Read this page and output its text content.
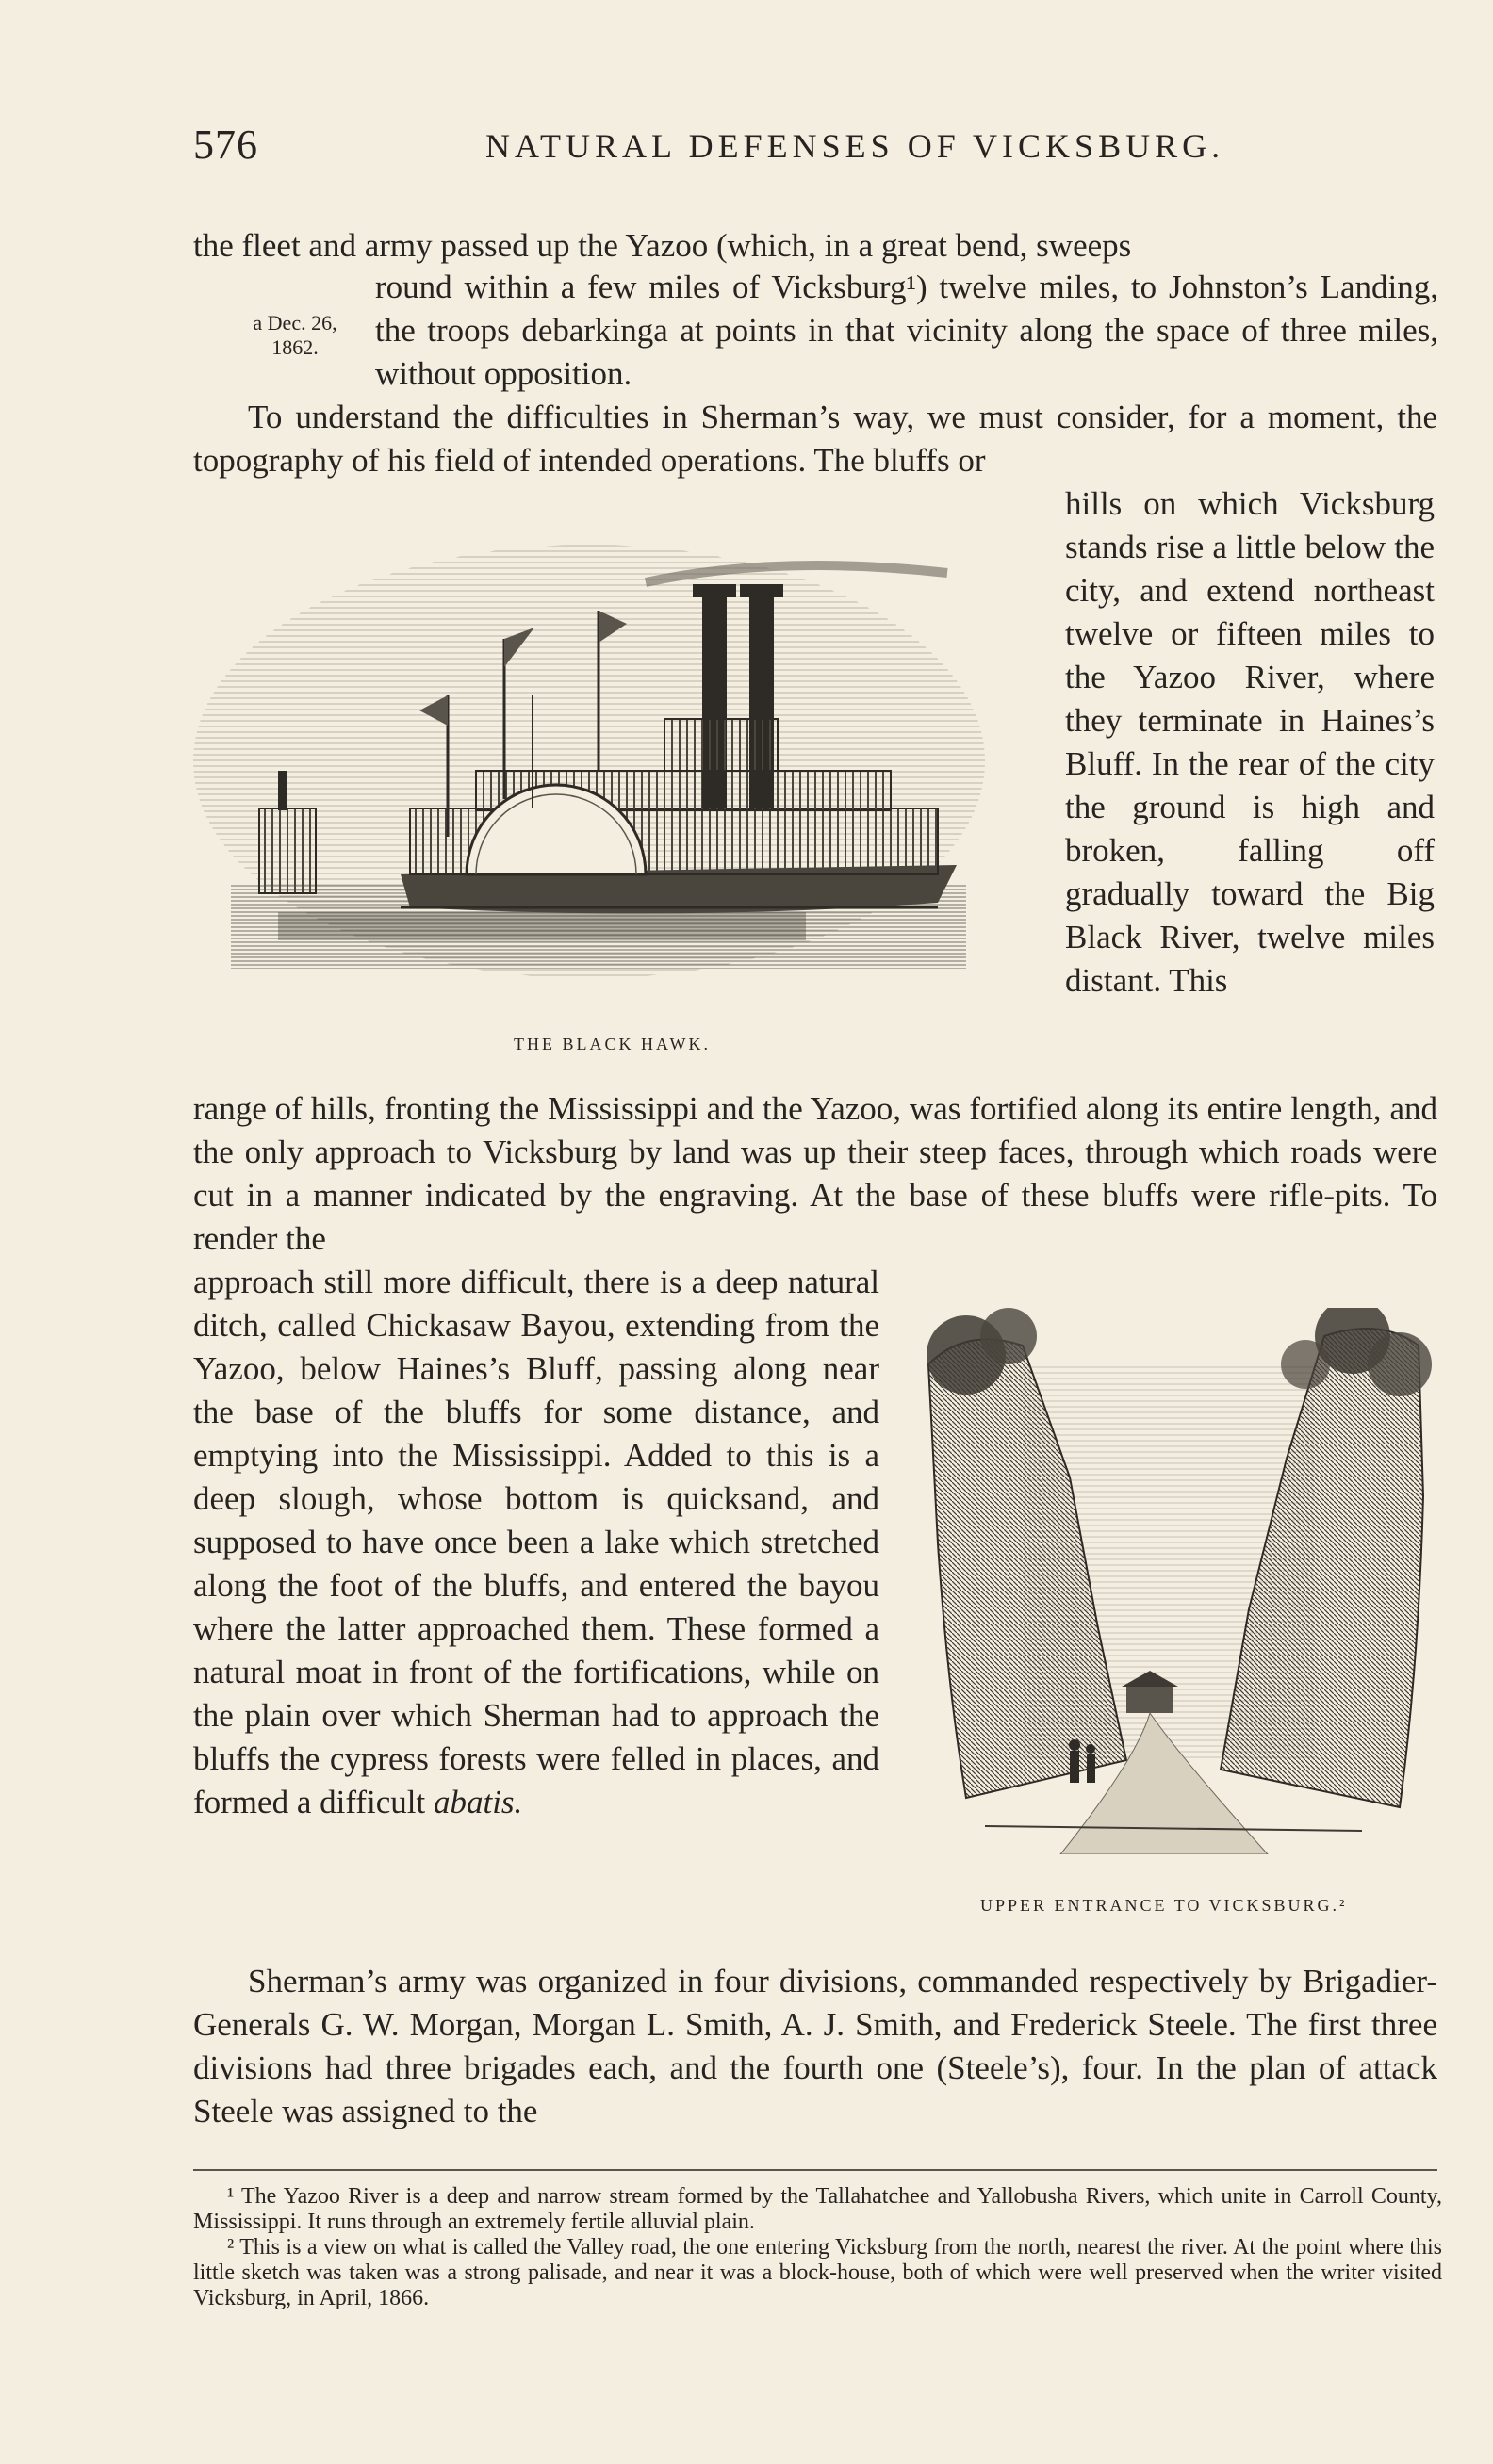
576	NATURAL DEFENSES OF VICKSBURG.

the fleet and army passed up the Yazoo (which, in a great bend, sweeps

round within a few miles of Vicksburg¹) twelve miles, to Johnston’s Landing, the troops debarkinga at points in that vicinity along the space of three miles, without opposition.

a Dec. 26,
1862.

To understand the difficulties in Sherman’s way, we must consider, for a moment, the topography of his field of intended operations. The bluffs or

hills on which Vicksburg stands rise a little below the city, and extend northeast twelve or fifteen miles to the Yazoo River, where they terminate in Haines’s Bluff. In the rear of the city the ground is high and broken, falling off gradually toward the Big Black River, twelve miles distant. This

THE BLACK HAWK.

range of hills, fronting the Mississippi and the Yazoo, was fortified along its entire length, and the only approach to Vicksburg by land was up their steep faces, through which roads were cut in a manner indicated by the engraving. At the base of these bluffs were rifle-pits. To render the

approach still more difficult, there is a deep natural ditch, called Chickasaw Bayou, extending from the Yazoo, below Haines’s Bluff, passing along near the base of the bluffs for some distance, and emptying into the Mississippi. Added to this is a deep slough, whose bottom is quicksand, and supposed to have once been a lake which stretched along the foot of the bluffs, and entered the bayou where the latter approached them. These formed a natural moat in front of the fortifications, while on the plain over which Sherman had to approach the bluffs the cypress forests were felled in places, and formed a difficult abatis.

UPPER ENTRANCE TO VICKSBURG.²

Sherman’s army was organized in four divisions, commanded respectively by Brigadier-Generals G. W. Morgan, Morgan L. Smith, A. J. Smith, and Frederick Steele. The first three divisions had three brigades each, and the fourth one (Steele’s), four. In the plan of attack Steele was assigned to the

¹ The Yazoo River is a deep and narrow stream formed by the Tallahatchee and Yallobusha Rivers, which unite in Carroll County, Mississippi. It runs through an extremely fertile alluvial plain.

² This is a view on what is called the Valley road, the one entering Vicksburg from the north, nearest the river. At the point where this little sketch was taken was a strong palisade, and near it was a block-house, both of which were well preserved when the writer visited Vicksburg, in April, 1866.
